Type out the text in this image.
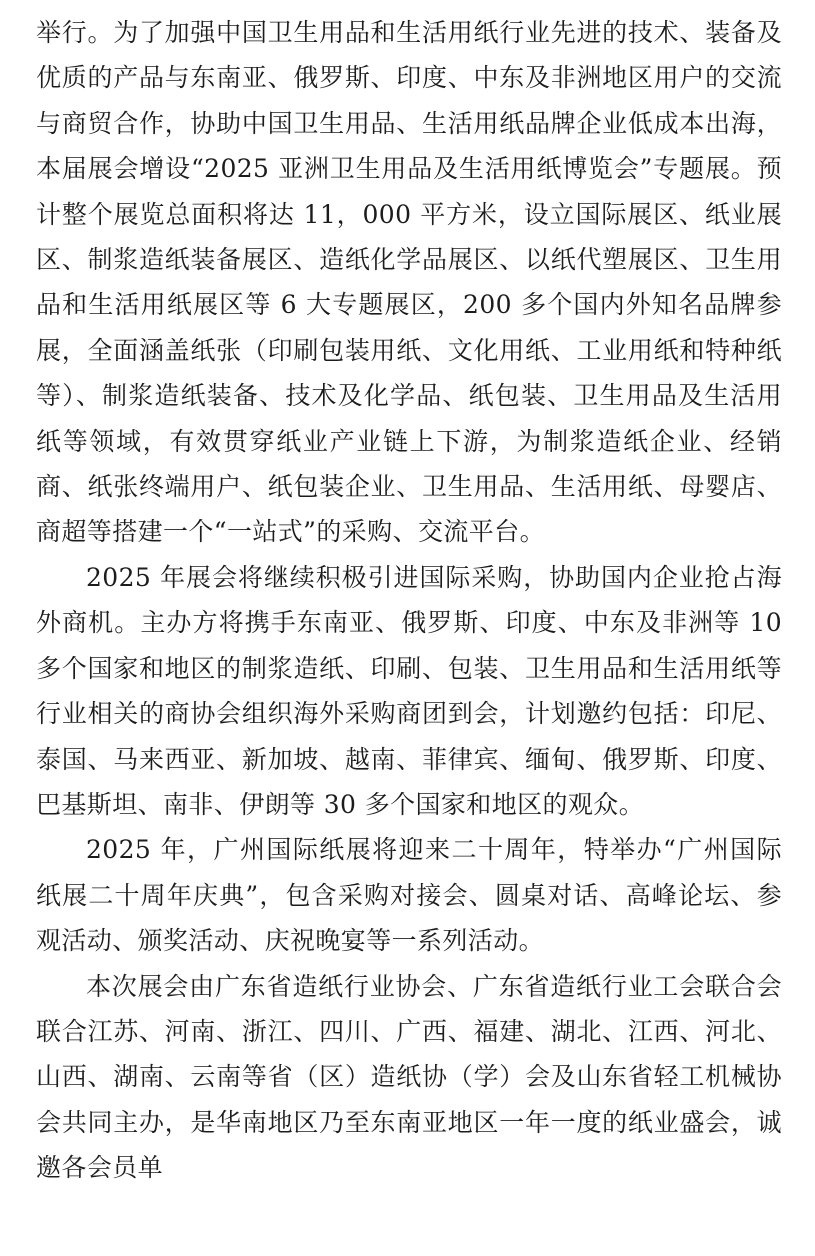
举行。为了加强中国卫生用品和生活用纸行业先进的技术、装备及优质的产品与东南亚、俄罗斯、印度、中东及非洲地区用户的交流与商贸合作，协助中国卫生用品、生活用纸品牌企业低成本出海，本届展会增设“2025 亚洲卫生用品及生活用纸博览会”专题展。预计整个展览总面积将达 11，000 平方米，设立国际展区、纸业展区、制浆造纸装备展区、造纸化学品展区、以纸代塑展区、卫生用品和生活用纸展区等 6 大专题展区，200 多个国内外知名品牌参展，全面涵盖纸张（印刷包装用纸、文化用纸、工业用纸和特种纸等）、制浆造纸装备、技术及化学品、纸包装、卫生用品及生活用纸等领域，有效贯穿纸业产业链上下游，为制浆造纸企业、经销商、纸张终端用户、纸包装企业、卫生用品、生活用纸、母婴店、商超等搭建一个“一站式”的采购、交流平台。

2025 年展会将继续积极引进国际采购，协助国内企业抢占海外商机。主办方将携手东南亚、俄罗斯、印度、中东及非洲等 10 多个国家和地区的制浆造纸、印刷、包装、卫生用品和生活用纸等行业相关的商协会组织海外采购商团到会，计划邀约包括：印尼、泰国、马来西亚、新加坡、越南、菲律宾、缅甸、俄罗斯、印度、巴基斯坦、南非、伊朗等 30 多个国家和地区的观众。

2025 年，广州国际纸展将迎来二十周年，特举办“广州国际纸展二十周年庆典”，包含采购对接会、圆桌对话、高峰论坛、参观活动、颁奖活动、庆祝晚宴等一系列活动。

本次展会由广东省造纸行业协会、广东省造纸行业工会联合会联合江苏、河南、浙江、四川、广西、福建、湖北、江西、河北、山西、湖南、云南等省（区）造纸协（学）会及山东省轻工机械协会共同主办，是华南地区乃至东南亚地区一年一度的纸业盛会，诚邀各会员单
